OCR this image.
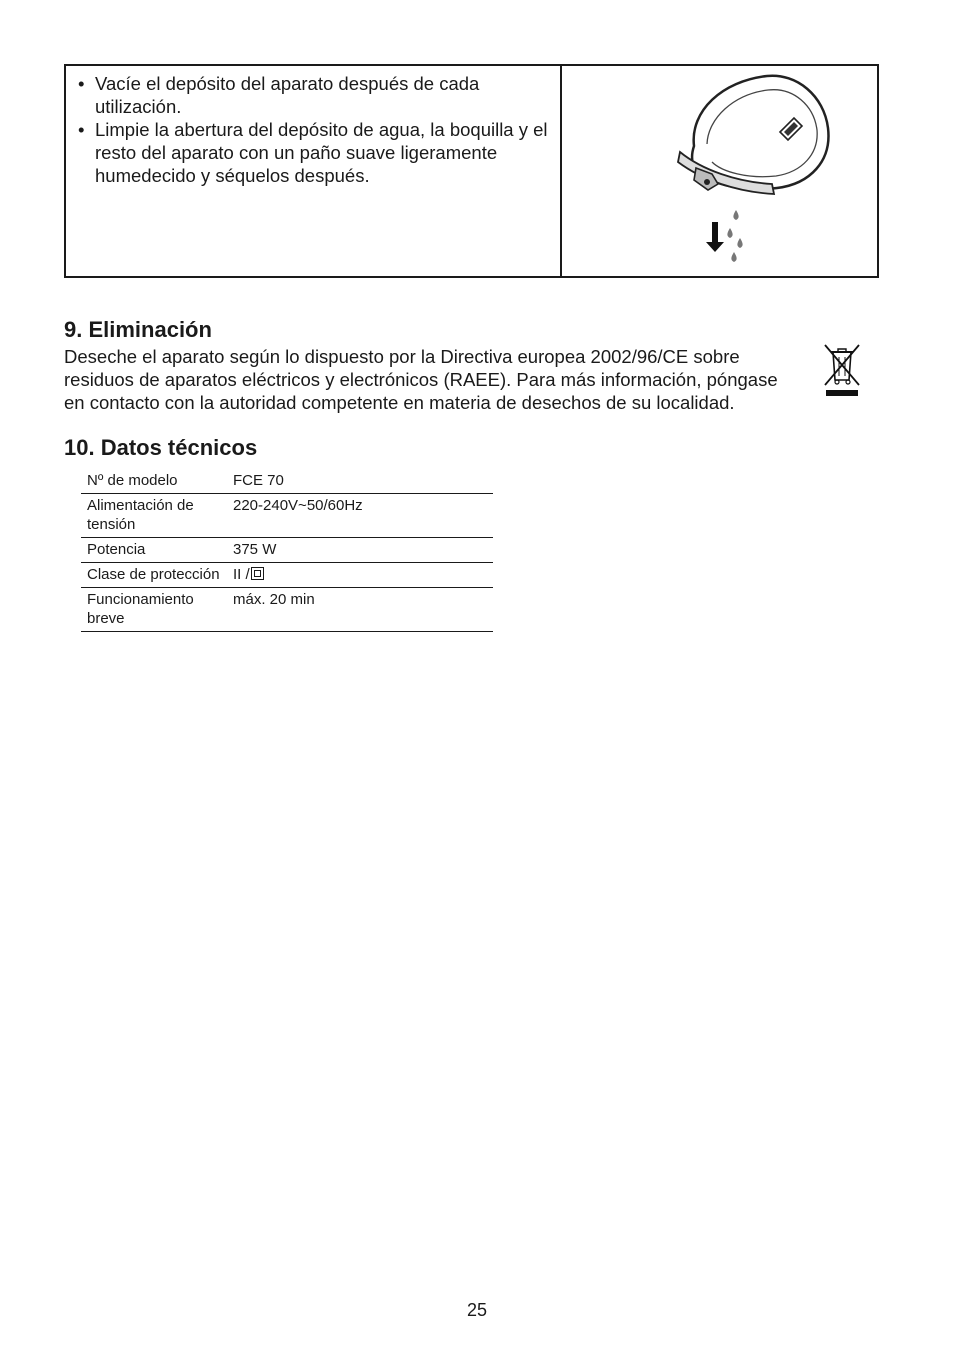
• Vacíe el depósito del aparato después de cada utilización.
• Limpie la abertura del depósito de agua, la boquilla y el resto del aparato con un paño suave ligeramente humedecido y séquelos después.
9. Eliminación
Deseche el aparato según lo dispuesto por la Directiva europea 2002/96/CE sobre residuos de aparatos eléctricos y electrónicos (RAEE). Para más información, póngase en contacto con la autoridad competente en materia de desechos de su localidad.
10. Datos técnicos
Nº de modelo	FCE 70
Alimentación de tensión	220-240V~50/60Hz
Potencia	375 W
Clase de protección	II /
Funcionamiento breve	máx. 20 min
25
